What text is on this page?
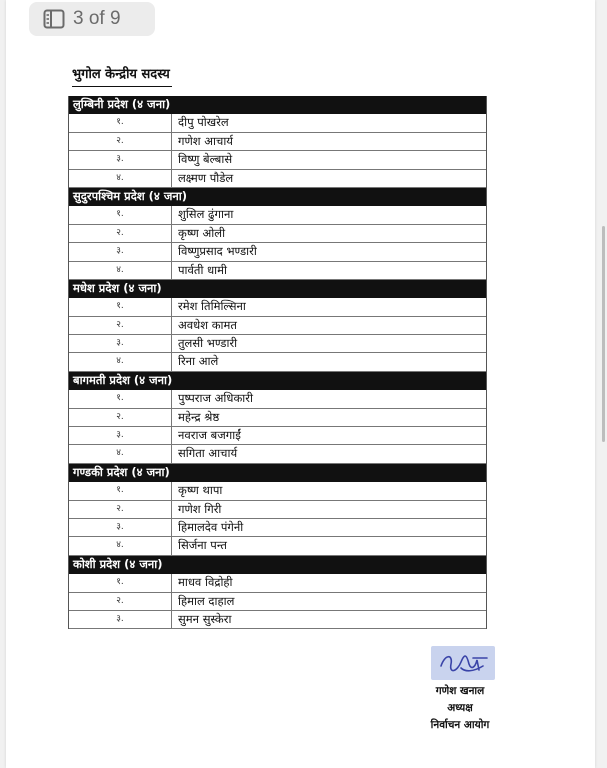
3 of 9
भुगोल केन्द्रीय सदस्य
लुम्बिनी प्रदेश (४ जना)
१.	दीपु पोखरेल
२.	गणेश आचार्य
३.	विष्णु बेल्बासे
४.	लक्ष्मण पौडेल
सुदुरपश्चिम प्रदेश (४ जना)
१.	शुसिल ढुंगाना
२.	कृष्ण ओली
३.	विष्णुप्रसाद भण्डारी
४.	पार्वती धामी
मधेश प्रदेश (४ जना)
१.	रमेश तिमिल्सिना
२.	अवधेश कामत
३.	तुलसी भण्डारी
४.	रिना आले
बागमती प्रदेश (४ जना)
१.	पुष्पराज अधिकारी
२.	महेन्द्र श्रेष्ठ
३.	नवराज बजगाईं
४.	सगिता आचार्य
गण्डकी प्रदेश (४ जना)
१.	कृष्ण थापा
२.	गणेश गिरी
३.	हिमालदेव पंगेनी
४.	सिर्जना पन्त
कोशी प्रदेश (४ जना)
१.	माधव विद्रोही
२.	हिमाल दाहाल
३.	सुमन सुस्केरा
गणेश खनाल
अध्यक्ष
निर्वाचन आयोग
